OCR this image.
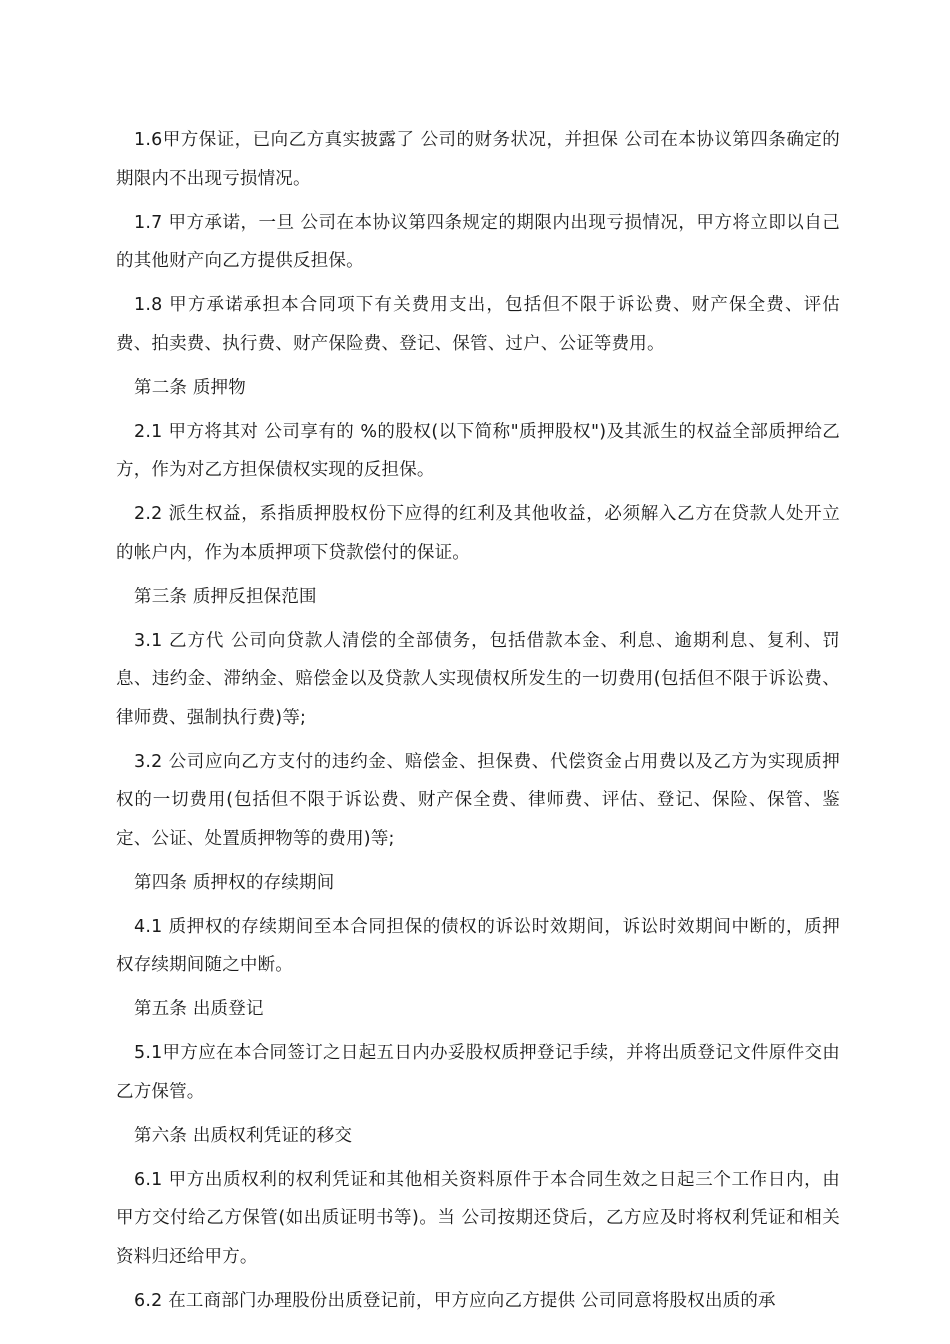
1.6甲方保证，已向乙方真实披露了 公司的财务状况，并担保 公司在本协议第四条确定的期限内不出现亏损情况。

1.7 甲方承诺，一旦 公司在本协议第四条规定的期限内出现亏损情况，甲方将立即以自己的其他财产向乙方提供反担保。

1.8 甲方承诺承担本合同项下有关费用支出，包括但不限于诉讼费、财产保全费、评估费、拍卖费、执行费、财产保险费、登记、保管、过户、公证等费用。

第二条 质押物

2.1 甲方将其对 公司享有的 %的股权(以下简称"质押股权")及其派生的权益全部质押给乙方，作为对乙方担保债权实现的反担保。

2.2 派生权益，系指质押股权份下应得的红利及其他收益，必须解入乙方在贷款人处开立的帐户内，作为本质押项下贷款偿付的保证。

第三条 质押反担保范围

3.1 乙方代 公司向贷款人清偿的全部债务，包括借款本金、利息、逾期利息、复利、罚息、违约金、滞纳金、赔偿金以及贷款人实现债权所发生的一切费用(包括但不限于诉讼费、律师费、强制执行费)等;

3.2 公司应向乙方支付的违约金、赔偿金、担保费、代偿资金占用费以及乙方为实现质押权的一切费用(包括但不限于诉讼费、财产保全费、律师费、评估、登记、保险、保管、鉴定、公证、处置质押物等的费用)等;

第四条 质押权的存续期间

4.1 质押权的存续期间至本合同担保的债权的诉讼时效期间，诉讼时效期间中断的，质押权存续期间随之中断。

第五条 出质登记

5.1甲方应在本合同签订之日起五日内办妥股权质押登记手续，并将出质登记文件原件交由乙方保管。

第六条 出质权利凭证的移交

6.1 甲方出质权利的权利凭证和其他相关资料原件于本合同生效之日起三个工作日内，由甲方交付给乙方保管(如出质证明书等)。当 公司按期还贷后，乙方应及时将权利凭证和相关资料归还给甲方。

6.2 在工商部门办理股份出质登记前，甲方应向乙方提供 公司同意将股权出质的承
